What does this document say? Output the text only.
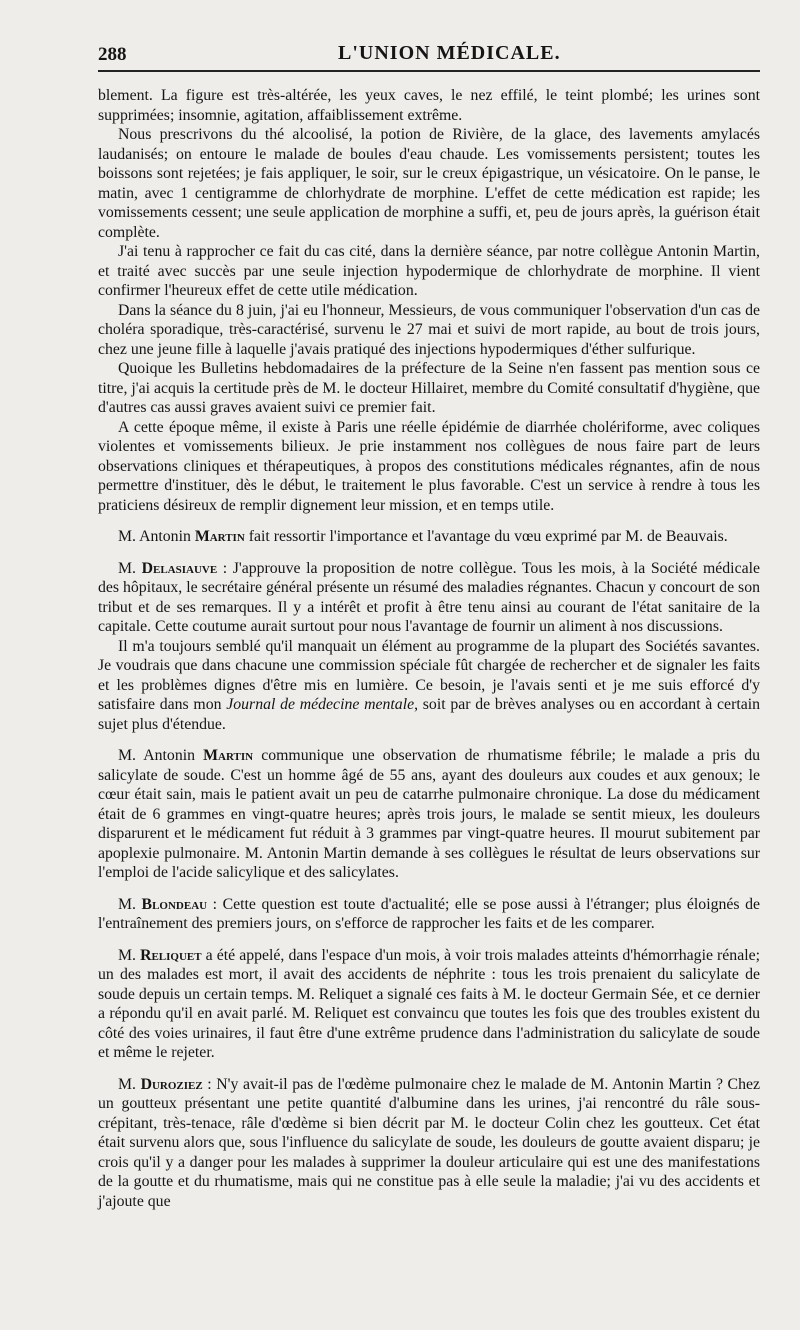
288	L'UNION MÉDICALE.

blement. La figure est très-altérée, les yeux caves, le nez effilé, le teint plombé; les urines sont supprimées; insomnie, agitation, affaiblissement extrême.

Nous prescrivons du thé alcoolisé, la potion de Rivière, de la glace, des lavements amylacés laudanisés; on entoure le malade de boules d'eau chaude. Les vomissements persistent; toutes les boissons sont rejetées; je fais appliquer, le soir, sur le creux épigastrique, un vésicatoire. On le panse, le matin, avec 1 centigramme de chlorhydrate de morphine. L'effet de cette médication est rapide; les vomissements cessent; une seule application de morphine a suffi, et, peu de jours après, la guérison était complète.

J'ai tenu à rapprocher ce fait du cas cité, dans la dernière séance, par notre collègue Antonin Martin, et traité avec succès par une seule injection hypodermique de chlorhydrate de morphine. Il vient confirmer l'heureux effet de cette utile médication.

Dans la séance du 8 juin, j'ai eu l'honneur, Messieurs, de vous communiquer l'observation d'un cas de choléra sporadique, très-caractérisé, survenu le 27 mai et suivi de mort rapide, au bout de trois jours, chez une jeune fille à laquelle j'avais pratiqué des injections hypodermiques d'éther sulfurique.

Quoique les Bulletins hebdomadaires de la préfecture de la Seine n'en fassent pas mention sous ce titre, j'ai acquis la certitude près de M. le docteur Hillairet, membre du Comité consultatif d'hygiène, que d'autres cas aussi graves avaient suivi ce premier fait.

A cette époque même, il existe à Paris une réelle épidémie de diarrhée cholériforme, avec coliques violentes et vomissements bilieux. Je prie instamment nos collègues de nous faire part de leurs observations cliniques et thérapeutiques, à propos des constitutions médicales régnantes, afin de nous permettre d'instituer, dès le début, le traitement le plus favorable. C'est un service à rendre à tous les praticiens désireux de remplir dignement leur mission, et en temps utile.

M. Antonin Martin fait ressortir l'importance et l'avantage du vœu exprimé par M. de Beauvais.

M. Delasiauve : J'approuve la proposition de notre collègue. Tous les mois, à la Société médicale des hôpitaux, le secrétaire général présente un résumé des maladies régnantes. Chacun y concourt de son tribut et de ses remarques. Il y a intérêt et profit à être tenu ainsi au courant de l'état sanitaire de la capitale. Cette coutume aurait surtout pour nous l'avantage de fournir un aliment à nos discussions.

Il m'a toujours semblé qu'il manquait un élément au programme de la plupart des Sociétés savantes. Je voudrais que dans chacune une commission spéciale fût chargée de rechercher et de signaler les faits et les problèmes dignes d'être mis en lumière. Ce besoin, je l'avais senti et je me suis efforcé d'y satisfaire dans mon Journal de médecine mentale, soit par de brèves analyses ou en accordant à certain sujet plus d'étendue.

M. Antonin Martin communique une observation de rhumatisme fébrile; le malade a pris du salicylate de soude. C'est un homme âgé de 55 ans, ayant des douleurs aux coudes et aux genoux; le cœur était sain, mais le patient avait un peu de catarrhe pulmonaire chronique. La dose du médicament était de 6 grammes en vingt-quatre heures; après trois jours, le malade se sentit mieux, les douleurs disparurent et le médicament fut réduit à 3 grammes par vingt-quatre heures. Il mourut subitement par apoplexie pulmonaire. M. Antonin Martin demande à ses collègues le résultat de leurs observations sur l'emploi de l'acide salicylique et des salicylates.

M. Blondeau : Cette question est toute d'actualité; elle se pose aussi à l'étranger; plus éloignés de l'entraînement des premiers jours, on s'efforce de rapprocher les faits et de les comparer.

M. Reliquet a été appelé, dans l'espace d'un mois, à voir trois malades atteints d'hémorrhagie rénale; un des malades est mort, il avait des accidents de néphrite : tous les trois prenaient du salicylate de soude depuis un certain temps. M. Reliquet a signalé ces faits à M. le docteur Germain Sée, et ce dernier a répondu qu'il en avait parlé. M. Reliquet est convaincu que toutes les fois que des troubles existent du côté des voies urinaires, il faut être d'une extrême prudence dans l'administration du salicylate de soude et même le rejeter.

M. Duroziez : N'y avait-il pas de l'œdème pulmonaire chez le malade de M. Antonin Martin ? Chez un goutteux présentant une petite quantité d'albumine dans les urines, j'ai rencontré du râle sous-crépitant, très-tenace, râle d'œdème si bien décrit par M. le docteur Colin chez les goutteux. Cet état était survenu alors que, sous l'influence du salicylate de soude, les douleurs de goutte avaient disparu; je crois qu'il y a danger pour les malades à supprimer la douleur articulaire qui est une des manifestations de la goutte et du rhumatisme, mais qui ne constitue pas à elle seule la maladie; j'ai vu des accidents et j'ajoute que
